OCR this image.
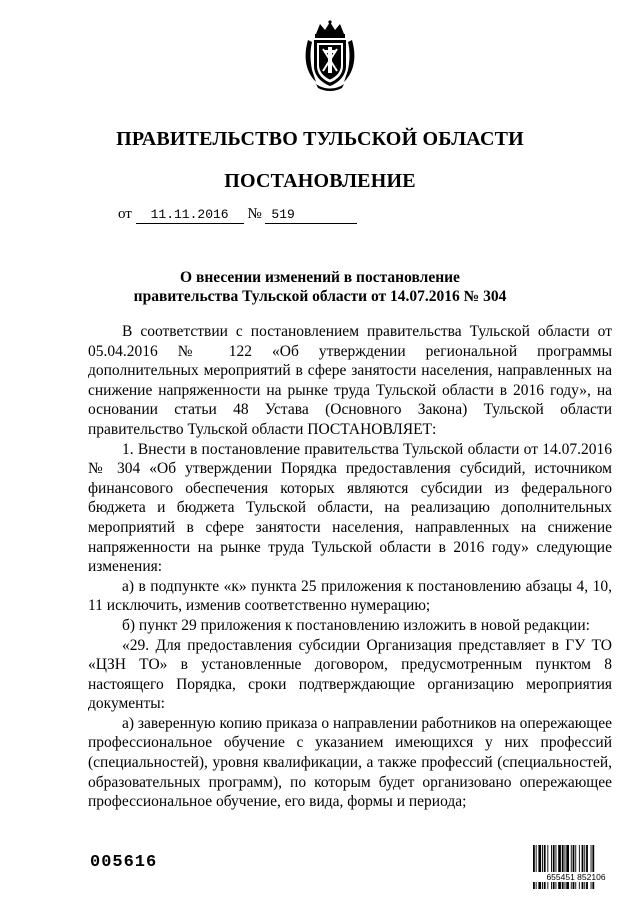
ПРАВИТЕЛЬСТВО ТУЛЬСКОЙ ОБЛАСТИ
ПОСТАНОВЛЕНИЕ
от 11.11.2016 № 519
О внесении изменений в постановление
правительства Тульской области от 14.07.2016 № 304

В соответствии с постановлением правительства Тульской области от 05.04.2016 № 122 «Об утверждении региональной программы дополнительных мероприятий в сфере занятости населения, направленных на снижение напряженности на рынке труда Тульской области в 2016 году», на основании статьи 48 Устава (Основного Закона) Тульской области правительство Тульской области ПОСТАНОВЛЯЕТ:

1. Внести в постановление правительства Тульской области от 14.07.2016 № 304 «Об утверждении Порядка предоставления субсидий, источником финансового обеспечения которых являются субсидии из федерального бюджета и бюджета Тульской области, на реализацию дополнительных мероприятий в сфере занятости населения, направленных на снижение напряженности на рынке труда Тульской области в 2016 году» следующие изменения:

а) в подпункте «к» пункта 25 приложения к постановлению абзацы 4, 10, 11 исключить, изменив соответственно нумерацию;

б) пункт 29 приложения к постановлению изложить в новой редакции:

«29. Для предоставления субсидии Организация представляет в ГУ ТО «ЦЗН ТО» в установленные договором, предусмотренным пунктом 8 настоящего Порядка, сроки подтверждающие организацию мероприятия документы:

а) заверенную копию приказа о направлении работников на опережающее профессиональное обучение с указанием имеющихся у них профессий (специальностей), уровня квалификации, а также профессий (специальностей, образовательных программ), по которым будет организовано опережающее профессиональное обучение, его вида, формы и периода;

005616
655451 852106
